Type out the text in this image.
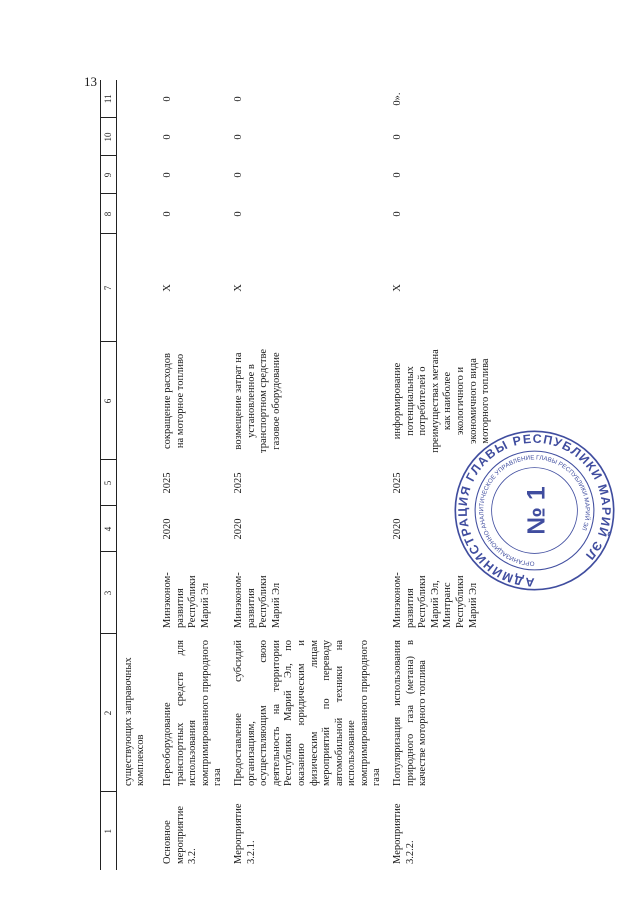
13
1	2	3	4	5	6	7	8	9	10	11
	существующих заправочных комплексов									
Основное мероприятие 3.2.	Переоборудование транспортных средств для использования компримированного природного газа	Минэконом-развития Республики Марий Эл	2020	2025	сокращение расходов на моторное топливо	Х	0	0	0	0
Мероприятие 3.2.1.	Предоставление субсидий организациям, осуществляющим свою деятельность на территории Республики Марий Эл, по оказанию юридическим и физическим лицам мероприятий по переводу автомобильной техники на использование компримированного природного газа	Минэконом-развития Республики Марий Эл	2020	2025	возмещение затрат на установленное в транспортном средстве газовое оборудование	Х	0	0	0	0
Мероприятие 3.2.2.	Популяризация использования природного газа (метана) в качестве моторного топлива	Минэконом-развития Республики Марий Эл, Минтранс Республики Марий Эл	2020	2025	информирование потенциальных потребителей о преимуществах метана как наиболее экологичного и экономичного вида моторного топлива	Х	0	0	0	0».
АДМИНИСТРАЦИЯ ГЛАВЫ РЕСПУБЛИКИ МАРИЙ ЭЛ
ОРГАНИЗАЦИОННО-АНАЛИТИЧЕСКОЕ УПРАВЛЕНИЕ ГЛАВЫ РЕСПУБЛИКИ МАРИЙ ЭЛ
№ 1
